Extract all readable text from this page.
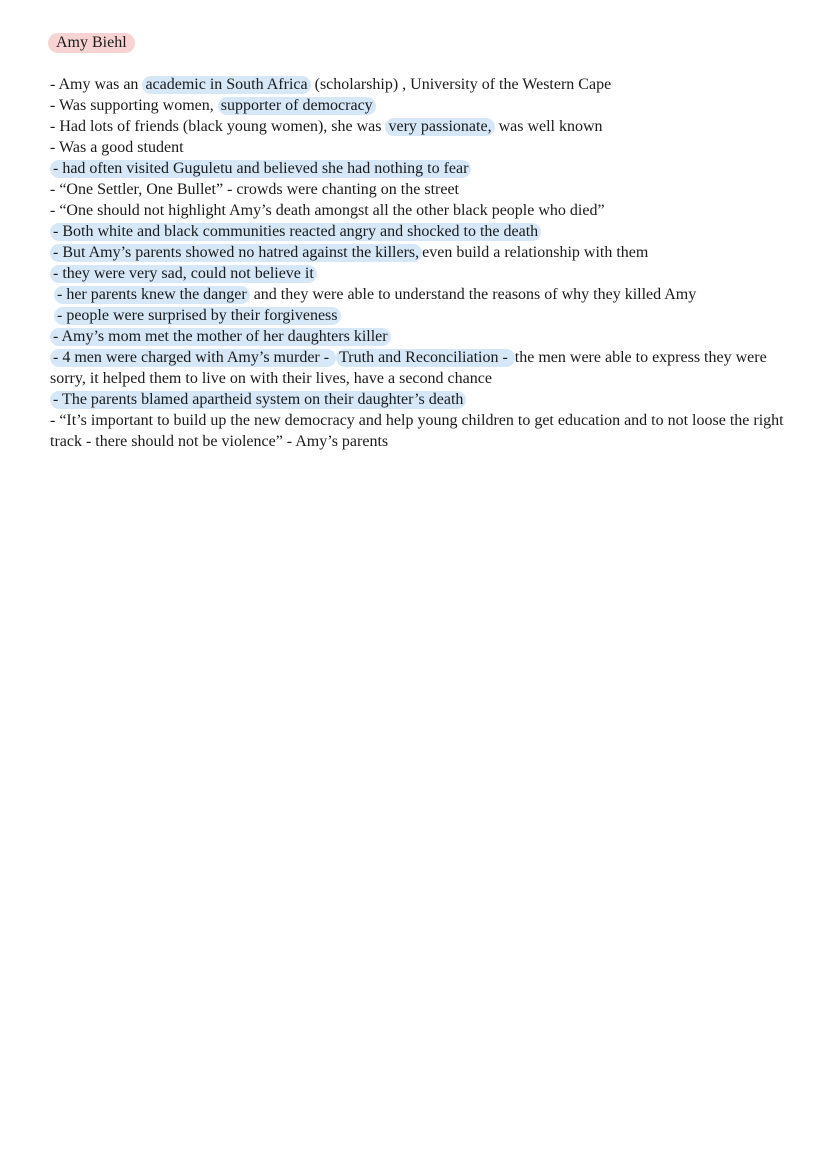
Amy Biehl
- Amy was an academic in South Africa (scholarship) , University of the Western Cape
- Was supporting women, supporter of democracy
- Had lots of friends (black young women), she was very passionate, was well known
- Was a good student
- had often visited Guguletu and believed she had nothing to fear
- “One Settler, One Bullet” - crowds were chanting on the street
- “One should not highlight Amy’s death amongst all the other black people who died”
- Both white and black communities reacted angry and shocked to the death
- But Amy’s parents showed no hatred against the killers, even build a relationship with them
- they were very sad, could not believe it
- her parents knew the danger and they were able to understand the reasons of why they killed Amy
- people were surprised by their forgiveness
- Amy’s mom met the mother of her daughters killer
- 4 men were charged with Amy’s murder - Truth and Reconciliation - the men were able to express they were sorry, it helped them to live on with their lives, have a second chance
- The parents blamed apartheid system on their daughter’s death
- “It’s important to build up the new democracy and help young children to get education and to not loose the right track - there should not be violence” - Amy’s parents
